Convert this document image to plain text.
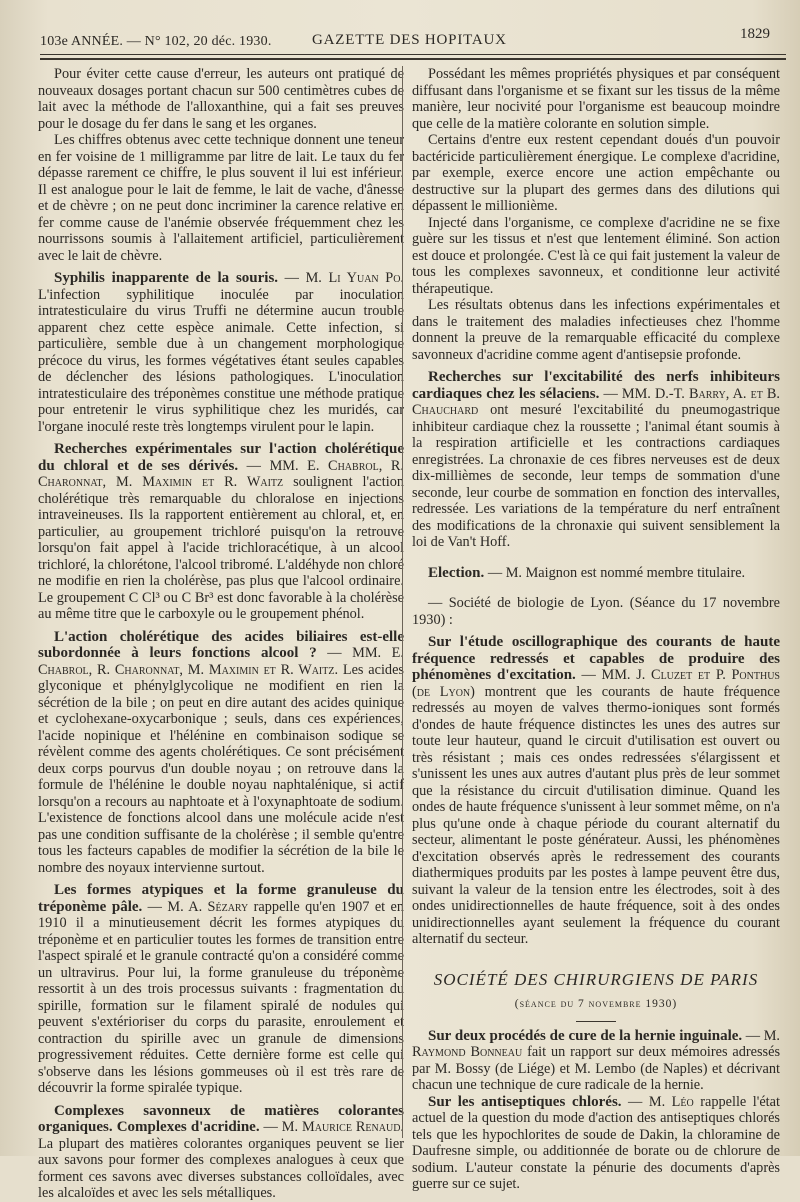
103e ANNÉE. — N° 102, 20 déc. 1930.	GAZETTE DES HOPITAUX	1829

Pour éviter cette cause d'erreur, les auteurs ont pratiqué de nouveaux dosages portant chacun sur 500 centimètres cubes de lait avec la méthode de l'alloxanthine, qui a fait ses preuves pour le dosage du fer dans le sang et les organes.

Les chiffres obtenus avec cette technique donnent une teneur en fer voisine de 1 milligramme par litre de lait. Le taux du fer dépasse rarement ce chiffre, le plus souvent il lui est inférieur. Il est analogue pour le lait de femme, le lait de vache, d'ânesse et de chèvre ; on ne peut donc incriminer la carence relative en fer comme cause de l'anémie observée fréquemment chez les nourrissons soumis à l'allaitement artificiel, particulièrement avec le lait de chèvre.

Syphilis inapparente de la souris. — M. Li Yuan Po. L'infection syphilitique inoculée par inoculation intratesticulaire du virus Truffi ne détermine aucun trouble apparent chez cette espèce animale. Cette infection, si particulière, semble due à un changement morphologique précoce du virus, les formes végétatives étant seules capables de déclencher des lésions pathologiques. L'inoculation intratesticulaire des tréponèmes constitue une méthode pratique pour entretenir le virus syphilitique chez les muridés, car l'organe inoculé reste très longtemps virulent pour le lapin.

Recherches expérimentales sur l'action cholérétique du chloral et de ses dérivés. — MM. E. Chabrol, R. Charonnat, M. Maximin et R. Waitz soulignent l'action cholérétique très remarquable du chloralose en injections intraveineuses. Ils la rapportent entièrement au chloral, et, en particulier, au groupement trichloré puisqu'on la retrouve lorsqu'on fait appel à l'acide trichloracétique, à un alcool trichloré, la chlorétone, l'alcool tribromé. L'aldéhyde non chloré ne modifie en rien la cholérèse, pas plus que l'alcool ordinaire. Le groupement C Cl³ ou C Br³ est donc favorable à la cholérèse au même titre que le carboxyle ou le groupement phénol.

L'action cholérétique des acides biliaires est-elle subordonnée à leurs fonctions alcool ? — MM. E. Chabrol, R. Charonnat, M. Maximin et R. Waitz. Les acides glyconique et phénylglycolique ne modifient en rien la sécrétion de la bile ; on peut en dire autant des acides quinique et cyclohexane-oxycarbonique ; seuls, dans ces expériences, l'acide nopinique et l'hélénine en combinaison sodique se révèlent comme des agents cholérétiques. Ce sont précisément deux corps pourvus d'un double noyau ; on retrouve dans la formule de l'hélénine le double noyau naphtalénique, si actif lorsqu'on a recours au naphtoate et à l'oxynaphtoate de sodium. L'existence de fonctions alcool dans une molécule acide n'est pas une condition suffisante de la cholérèse ; il semble qu'entre tous les facteurs capables de modifier la sécrétion de la bile le nombre des noyaux intervienne surtout.

Les formes atypiques et la forme granuleuse du tréponème pâle. — M. A. Sézary rappelle qu'en 1907 et en 1910 il a minutieusement décrit les formes atypiques du tréponème et en particulier toutes les formes de transition entre l'aspect spiralé et le granule contracté qu'on a considéré comme un ultravirus. Pour lui, la forme granuleuse du tréponème ressortit à un des trois processus suivants : fragmentation du spirille, formation sur le filament spiralé de nodules qui peuvent s'extérioriser du corps du parasite, enroulement et contraction du spirille avec un granule de dimensions progressivement réduites. Cette dernière forme est celle qui s'observe dans les lésions gommeuses où il est très rare de découvrir la forme spiralée typique.

Complexes savonneux de matières colorantes organiques. Complexes d'acridine. — M. Maurice Renaud. La plupart des matières colorantes organiques peuvent se lier aux savons pour former des complexes analogues à ceux que forment ces savons avec diverses substances colloïdales, avec les alcaloïdes et avec les sels métalliques.

Possédant les mêmes propriétés physiques et par conséquent diffusant dans l'organisme et se fixant sur les tissus de la même manière, leur nocivité pour l'organisme est beaucoup moindre que celle de la matière colorante en solution simple.

Certains d'entre eux restent cependant doués d'un pouvoir bactéricide particulièrement énergique. Le complexe d'acridine, par exemple, exerce encore une action empêchante ou destructive sur la plupart des germes dans des dilutions qui dépassent le millionième.

Injecté dans l'organisme, ce complexe d'acridine ne se fixe guère sur les tissus et n'est que lentement éliminé. Son action est douce et prolongée. C'est là ce qui fait justement la valeur de tous les complexes savonneux, et conditionne leur activité thérapeutique.

Les résultats obtenus dans les infections expérimentales et dans le traitement des maladies infectieuses chez l'homme donnent la preuve de la remarquable efficacité du complexe savonneux d'acridine comme agent d'antisepsie profonde.

Recherches sur l'excitabilité des nerfs inhibiteurs cardiaques chez les sélaciens. — MM. D.-T. Barry, A. et B. Chauchard ont mesuré l'excitabilité du pneumogastrique inhibiteur cardiaque chez la roussette ; l'animal étant soumis à la respiration artificielle et les contractions cardiaques enregistrées. La chronaxie de ces fibres nerveuses est de deux dix-millièmes de seconde, leur temps de sommation d'une seconde, leur courbe de sommation en fonction des intervalles, redressée. Les variations de la température du nerf entraînent des modifications de la chronaxie qui suivent sensiblement la loi de Van't Hoff.

Election. — M. Maignon est nommé membre titulaire.

— Société de biologie de Lyon. (Séance du 17 novembre 1930) :

Sur l'étude oscillographique des courants de haute fréquence redressés et capables de produire des phénomènes d'excitation. — MM. J. Cluzet et P. Ponthus (de Lyon) montrent que les courants de haute fréquence redressés au moyen de valves thermo-ioniques sont formés d'ondes de haute fréquence distinctes les unes des autres sur toute leur hauteur, quand le circuit d'utilisation est ouvert ou très résistant ; mais ces ondes redressées s'élargissent et s'unissent les unes aux autres d'autant plus près de leur sommet que la résistance du circuit d'utilisation diminue. Quand les ondes de haute fréquence s'unissent à leur sommet même, on n'a plus qu'une onde à chaque période du courant alternatif du secteur, alimentant le poste générateur. Aussi, les phénomènes d'excitation observés après le redressement des courants diathermiques produits par les postes à lampe peuvent être dus, suivant la valeur de la tension entre les électrodes, soit à des ondes unidirectionnelles de haute fréquence, soit à des ondes unidirectionnelles ayant seulement la fréquence du courant alternatif du secteur.

SOCIÉTÉ DES CHIRURGIENS DE PARIS
(séance du 7 novembre 1930)

Sur deux procédés de cure de la hernie inguinale. — M. Raymond Bonneau fait un rapport sur deux mémoires adressés par M. Bossy (de Liége) et M. Lembo (de Naples) et décrivant chacun une technique de cure radicale de la hernie.

Sur les antiseptiques chlorés. — M. Léo rappelle l'état actuel de la question du mode d'action des antiseptiques chlorés tels que les hypochlorites de soude de Dakin, la chloramine de Daufresne simple, ou additionnée de borate ou de chlorure de sodium. L'auteur constate la pénurie des documents d'après guerre sur ce sujet.
